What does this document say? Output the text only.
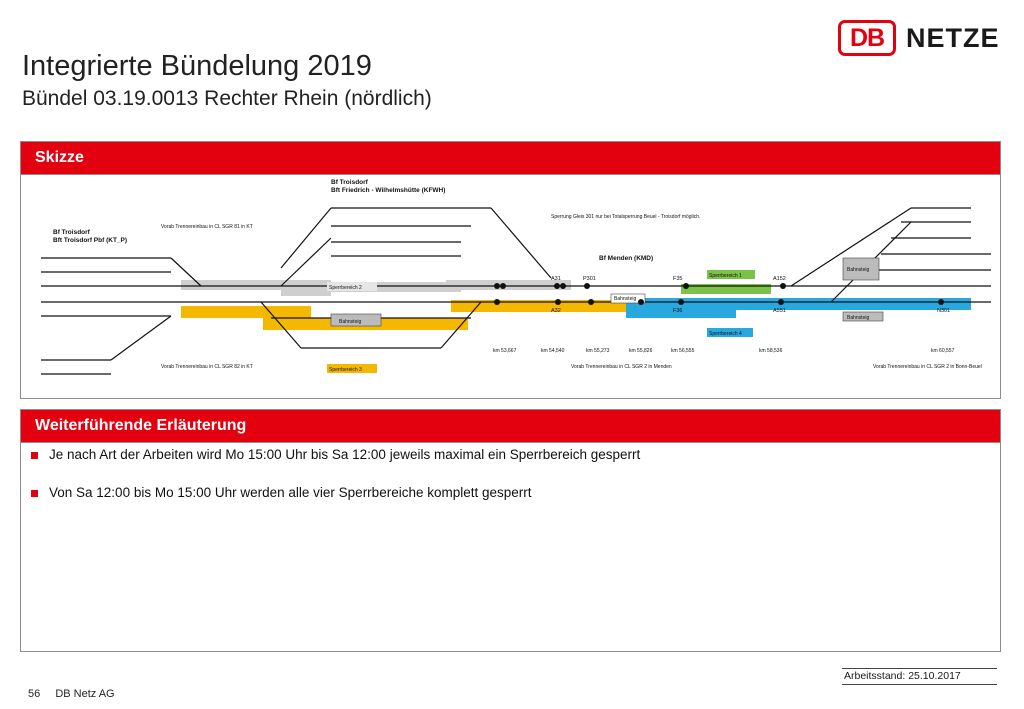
Integrierte Bündelung 2019
Bündel 03.19.0013 Rechter Rhein (nördlich)
DB NETZE
Skizze
Bf Troisdorf
Bft Friedrich - Wilhelmshütte (KFWH)
Bf Troisdorf
Bft Troisdorf Pbf (KT_P)
Bf Menden (KMD)
Sperrung Gleis 301 nur bei Totalsperrung Beuel - Troisdorf möglich.
Vorab Trennereinbau in CL SGR 81 in KT
Vorab Trennereinbau in CL SGR 82 in KT	Vorab Trennereinbau in CL SGR 2 in Menden	Vorab Trennereinbau in CL SGR 2 in Bonn-Beuel
Sperrbereich 1
Sperrbereich 2
Sperrbereich 3
Sperrbereich 4
Bahnsteig
Bahnsteig
Bahnsteig
Bahnsteig
km 53,667	km 54,540	km 55,273	km 55,826	km 56,555	km 58,536	km 60,557
A31	P301	F35	A152
A32	F36	A551	N301
Weiterführende Erläuterung
Je nach Art der Arbeiten wird Mo 15:00 Uhr bis Sa 12:00 jeweils maximal ein Sperrbereich gesperrt
Von Sa 12:00 bis Mo 15:00 Uhr werden alle vier Sperrbereiche komplett gesperrt
Arbeitsstand: 25.10.2017
56 DB Netz AG
